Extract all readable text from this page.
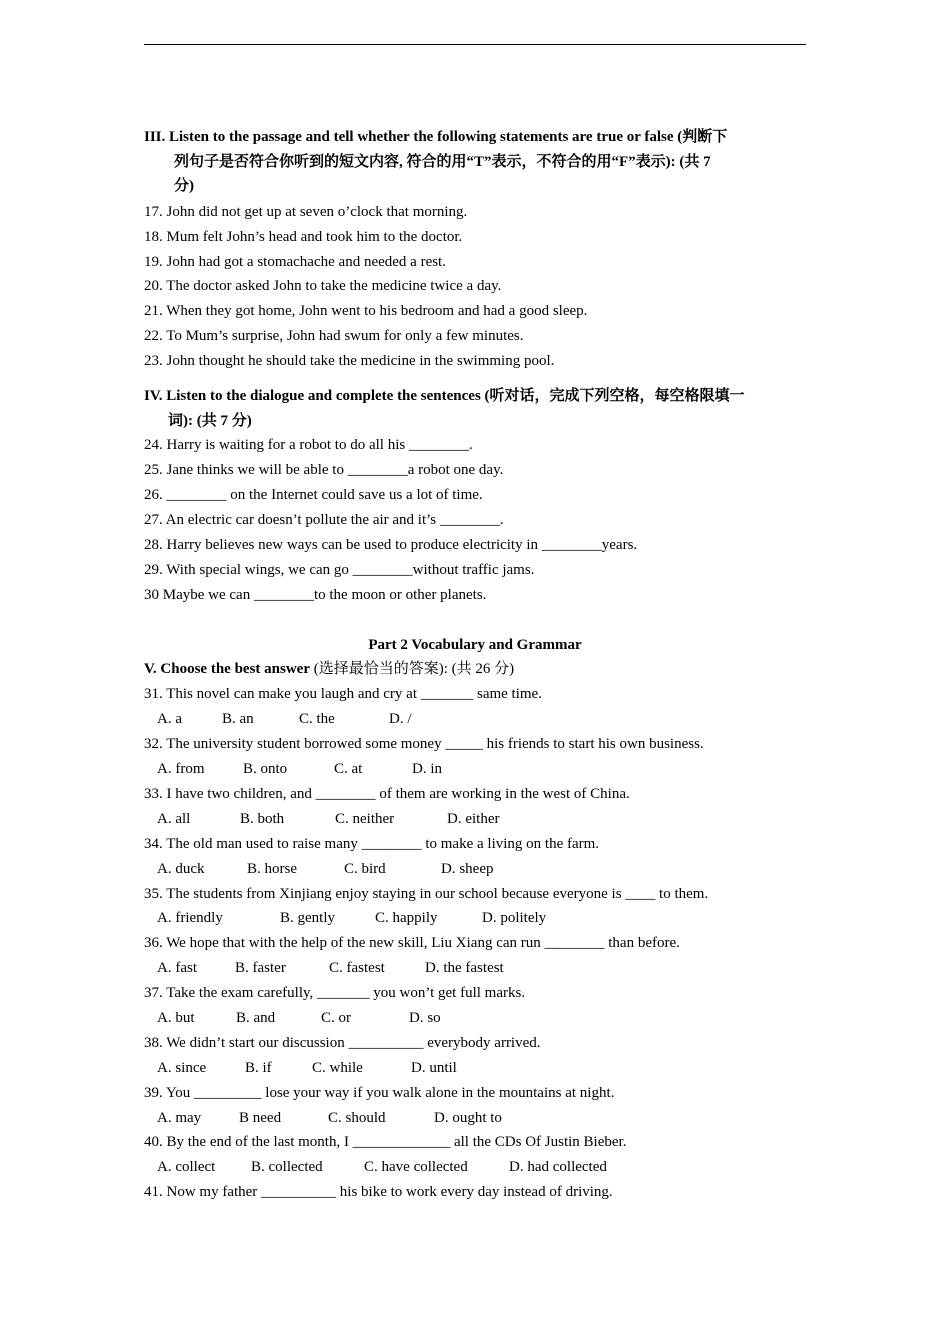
III. Listen to the passage and tell whether the following statements are true or false (判断下
列句子是否符合你听到的短文内容, 符合的用“T”表示，不符合的用“F”表示): (共 7
分)
17. John did not get up at seven o’clock that morning.
18. Mum felt John’s head and took him to the doctor.
19. John had got a stomachache and needed a rest.
20. The doctor asked John to take the medicine twice a day.
21. When they got home, John went to his bedroom and had a good sleep.
22. To Mum’s surprise, John had swum for only a few minutes.
23. John thought he should take the medicine in the swimming pool.
IV. Listen to the dialogue and complete the sentences (听对话，完成下列空格，每空格限填一
词): (共 7 分)
24. Harry is waiting for a robot to do all his ________.
25. Jane thinks we will be able to ________a robot one day.
26. ________ on the Internet could save us a lot of time.
27. An electric car doesn’t pollute the air and it’s ________.
28. Harry believes new ways can be used to produce electricity in ________years.
29. With special wings, we can go ________without traffic jams.
30 Maybe we can ________to the moon or other planets.
Part 2 Vocabulary and Grammar
V. Choose the best answer (选择最恰当的答案): (共 26 分)
31. This novel can make you laugh and cry at _______ same time.

A. a

	B. an

	C. the

	D. /

32. The university student borrowed some money _____ his friends to start his own business.

A. from

	B. onto

	C. at

	D. in

33. I have two children, and ________ of them are working in the west of China.

A. all

	B. both

	C. neither

	D. either

34. The old man used to raise many ________ to make a living on the farm.

A. duck

	B. horse

	C. bird

	D. sheep

35. The students from Xinjiang enjoy staying in our school because everyone is ____ to them.

A. friendly

	B. gently

	C. happily

	D. politely

36. We hope that with the help of the new skill, Liu Xiang can run ________ than before.

A. fast

	B. faster

	C. fastest

	D. the fastest

37. Take the exam carefully, _______ you won’t get full marks.

A. but

	B. and

	C. or

	D. so

38. We didn’t start our discussion __________ everybody arrived.

A. since

	B. if

	C. while

	D. until

39. You _________ lose your way if you walk alone in the mountains at night.

A. may

	B need

	C. should

	D. ought to

40. By the end of the last month, I _____________ all the CDs Of Justin Bieber.

A. collect

B. collected

	C. have collected

	D. had collected

41. Now my father __________ his bike to work every day instead of driving.
